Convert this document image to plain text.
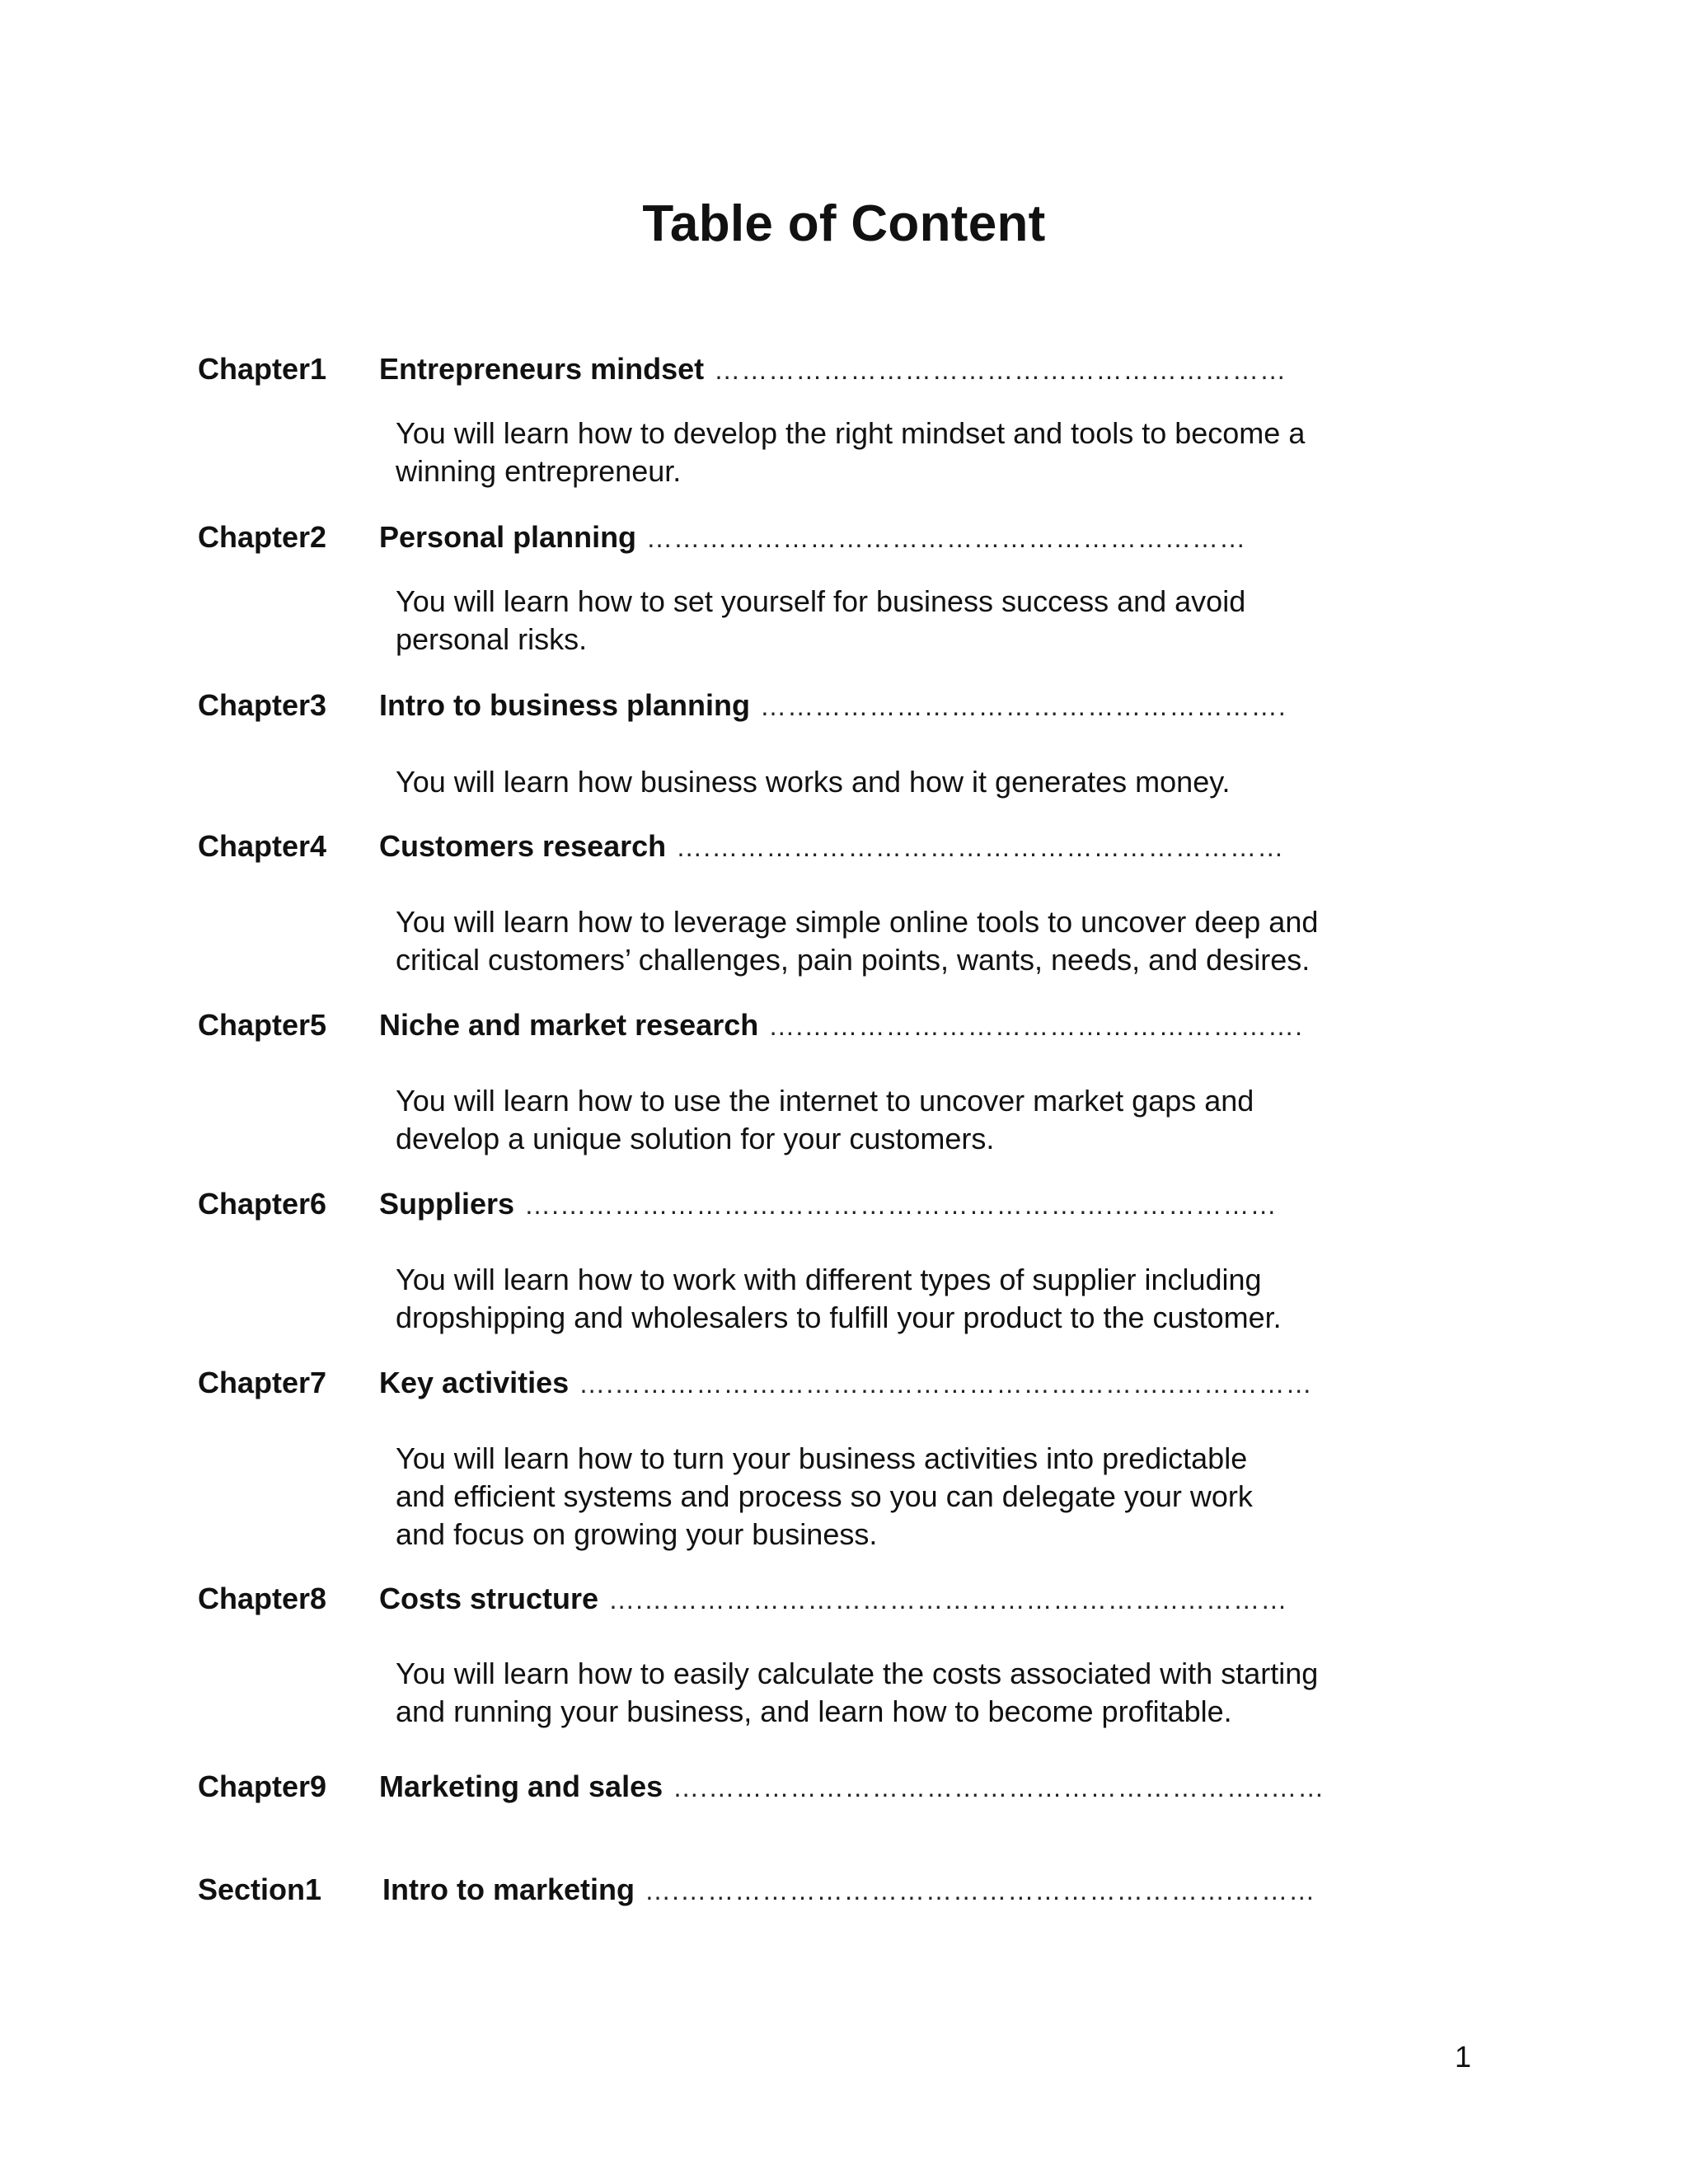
Table of Content
Chapter1 Entrepreneurs mindset ………………………………………………………
You will learn how to develop the right mindset and tools to become a
winning entrepreneur.
Chapter2 Personal planning …………………………………………………………
You will learn how to set yourself for business success and avoid
personal risks.
Chapter3 Intro to business planning ………………………………………………….
You will learn how business works and how it generates money.
Chapter4 Customers research ….………………………………………………………
You will learn how to leverage simple online tools to uncover deep and
critical customers’ challenges, pain points, wants, needs, and desires.
Chapter5 Niche and market research ….……………………………………………….
You will learn how to use the internet to uncover market gaps and
develop a unique solution for your customers.
Chapter6 Suppliers ….…………………………………………………….………………
You will learn how to work with different types of supplier including
dropshipping and wholesalers to fulfill your product to the customer.
Chapter7 Key activities ….……………………………………………………..……………
You will learn how to turn your business activities into predictable
and efficient systems and process so you can delegate your work
and focus on growing your business.
Chapter8 Costs structure ….…………………………………………………..…………
You will learn how to easily calculate the costs associated with starting
and running your business, and learn how to become profitable.
Chapter9 Marketing and sales ….……………………………………………………..……
Section1 Intro to marketing ….…………………………………………………….………
1
